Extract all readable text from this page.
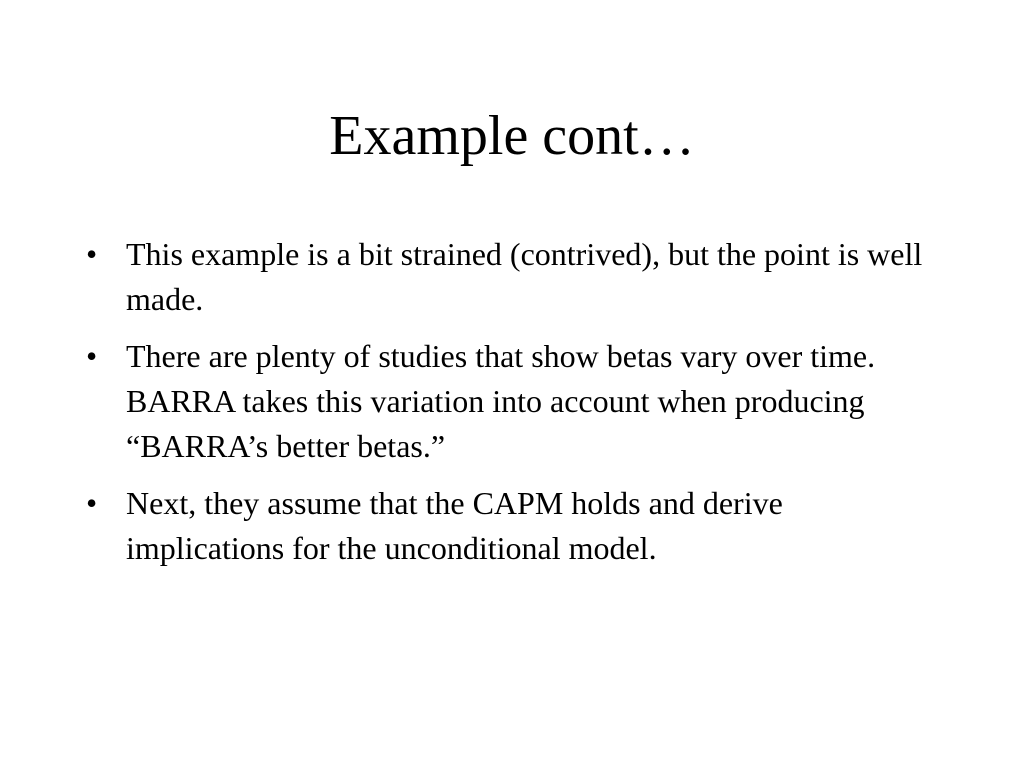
Example cont…
• This example is a bit strained (contrived), but the point is well made.
• There are plenty of studies that show betas vary over time. BARRA takes this variation into account when producing “BARRA’s better betas.”
• Next, they assume that the CAPM holds and derive implications for the unconditional model.
